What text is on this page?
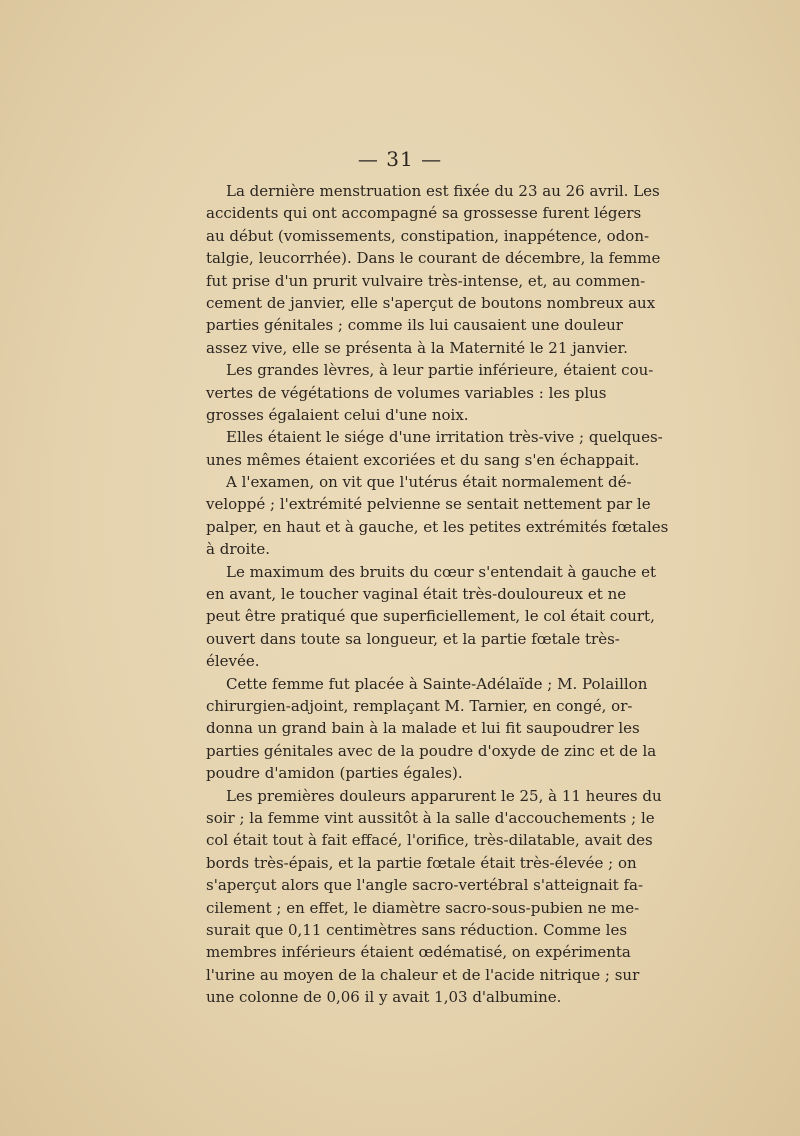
— 31 —
La dernière menstruation est fixée du 23 au 26 avril. Les
accidents qui ont accompagné sa grossesse furent légers
au début (vomissements, constipation, inappétence, odon-
talgie, leucorrhée). Dans le courant de décembre, la femme
fut prise d'un prurit vulvaire très-intense, et, au commen-
cement de janvier, elle s'aperçut de boutons nombreux aux
parties génitales ; comme ils lui causaient une douleur
assez vive, elle se présenta à la Maternité le 21 janvier.
Les grandes lèvres, à leur partie inférieure, étaient cou-
vertes de végétations de volumes variables : les plus
grosses égalaient celui d'une noix.
Elles étaient le siége d'une irritation très-vive ; quelques-
unes mêmes étaient excoriées et du sang s'en échappait.
A l'examen, on vit que l'utérus était normalement dé-
veloppé ; l'extrémité pelvienne se sentait nettement par le
palper, en haut et à gauche, et les petites extrémités fœtales
à droite.
Le maximum des bruits du cœur s'entendait à gauche et
en avant, le toucher vaginal était très-douloureux et ne
peut être pratiqué que superficiellement, le col était court,
ouvert dans toute sa longueur, et la partie fœtale très-
élevée.
Cette femme fut placée à Sainte-Adélaïde ; M. Polaillon
chirurgien-adjoint, remplaçant M. Tarnier, en congé, or-
donna un grand bain à la malade et lui fit saupoudrer les
parties génitales avec de la poudre d'oxyde de zinc et de la
poudre d'amidon (parties égales).
Les premières douleurs apparurent le 25, à 11 heures du
soir ; la femme vint aussitôt à la salle d'accouchements ; le
col était tout à fait effacé, l'orifice, très-dilatable, avait des
bords très-épais, et la partie fœtale était très-élevée ; on
s'aperçut alors que l'angle sacro-vertébral s'atteignait fa-
cilement ; en effet, le diamètre sacro-sous-pubien ne me-
surait que 0,11 centimètres sans réduction. Comme les
membres inférieurs étaient œdématisé, on expérimenta
l'urine au moyen de la chaleur et de l'acide nitrique ; sur
une colonne de 0,06 il y avait 1,03 d'albumine.
